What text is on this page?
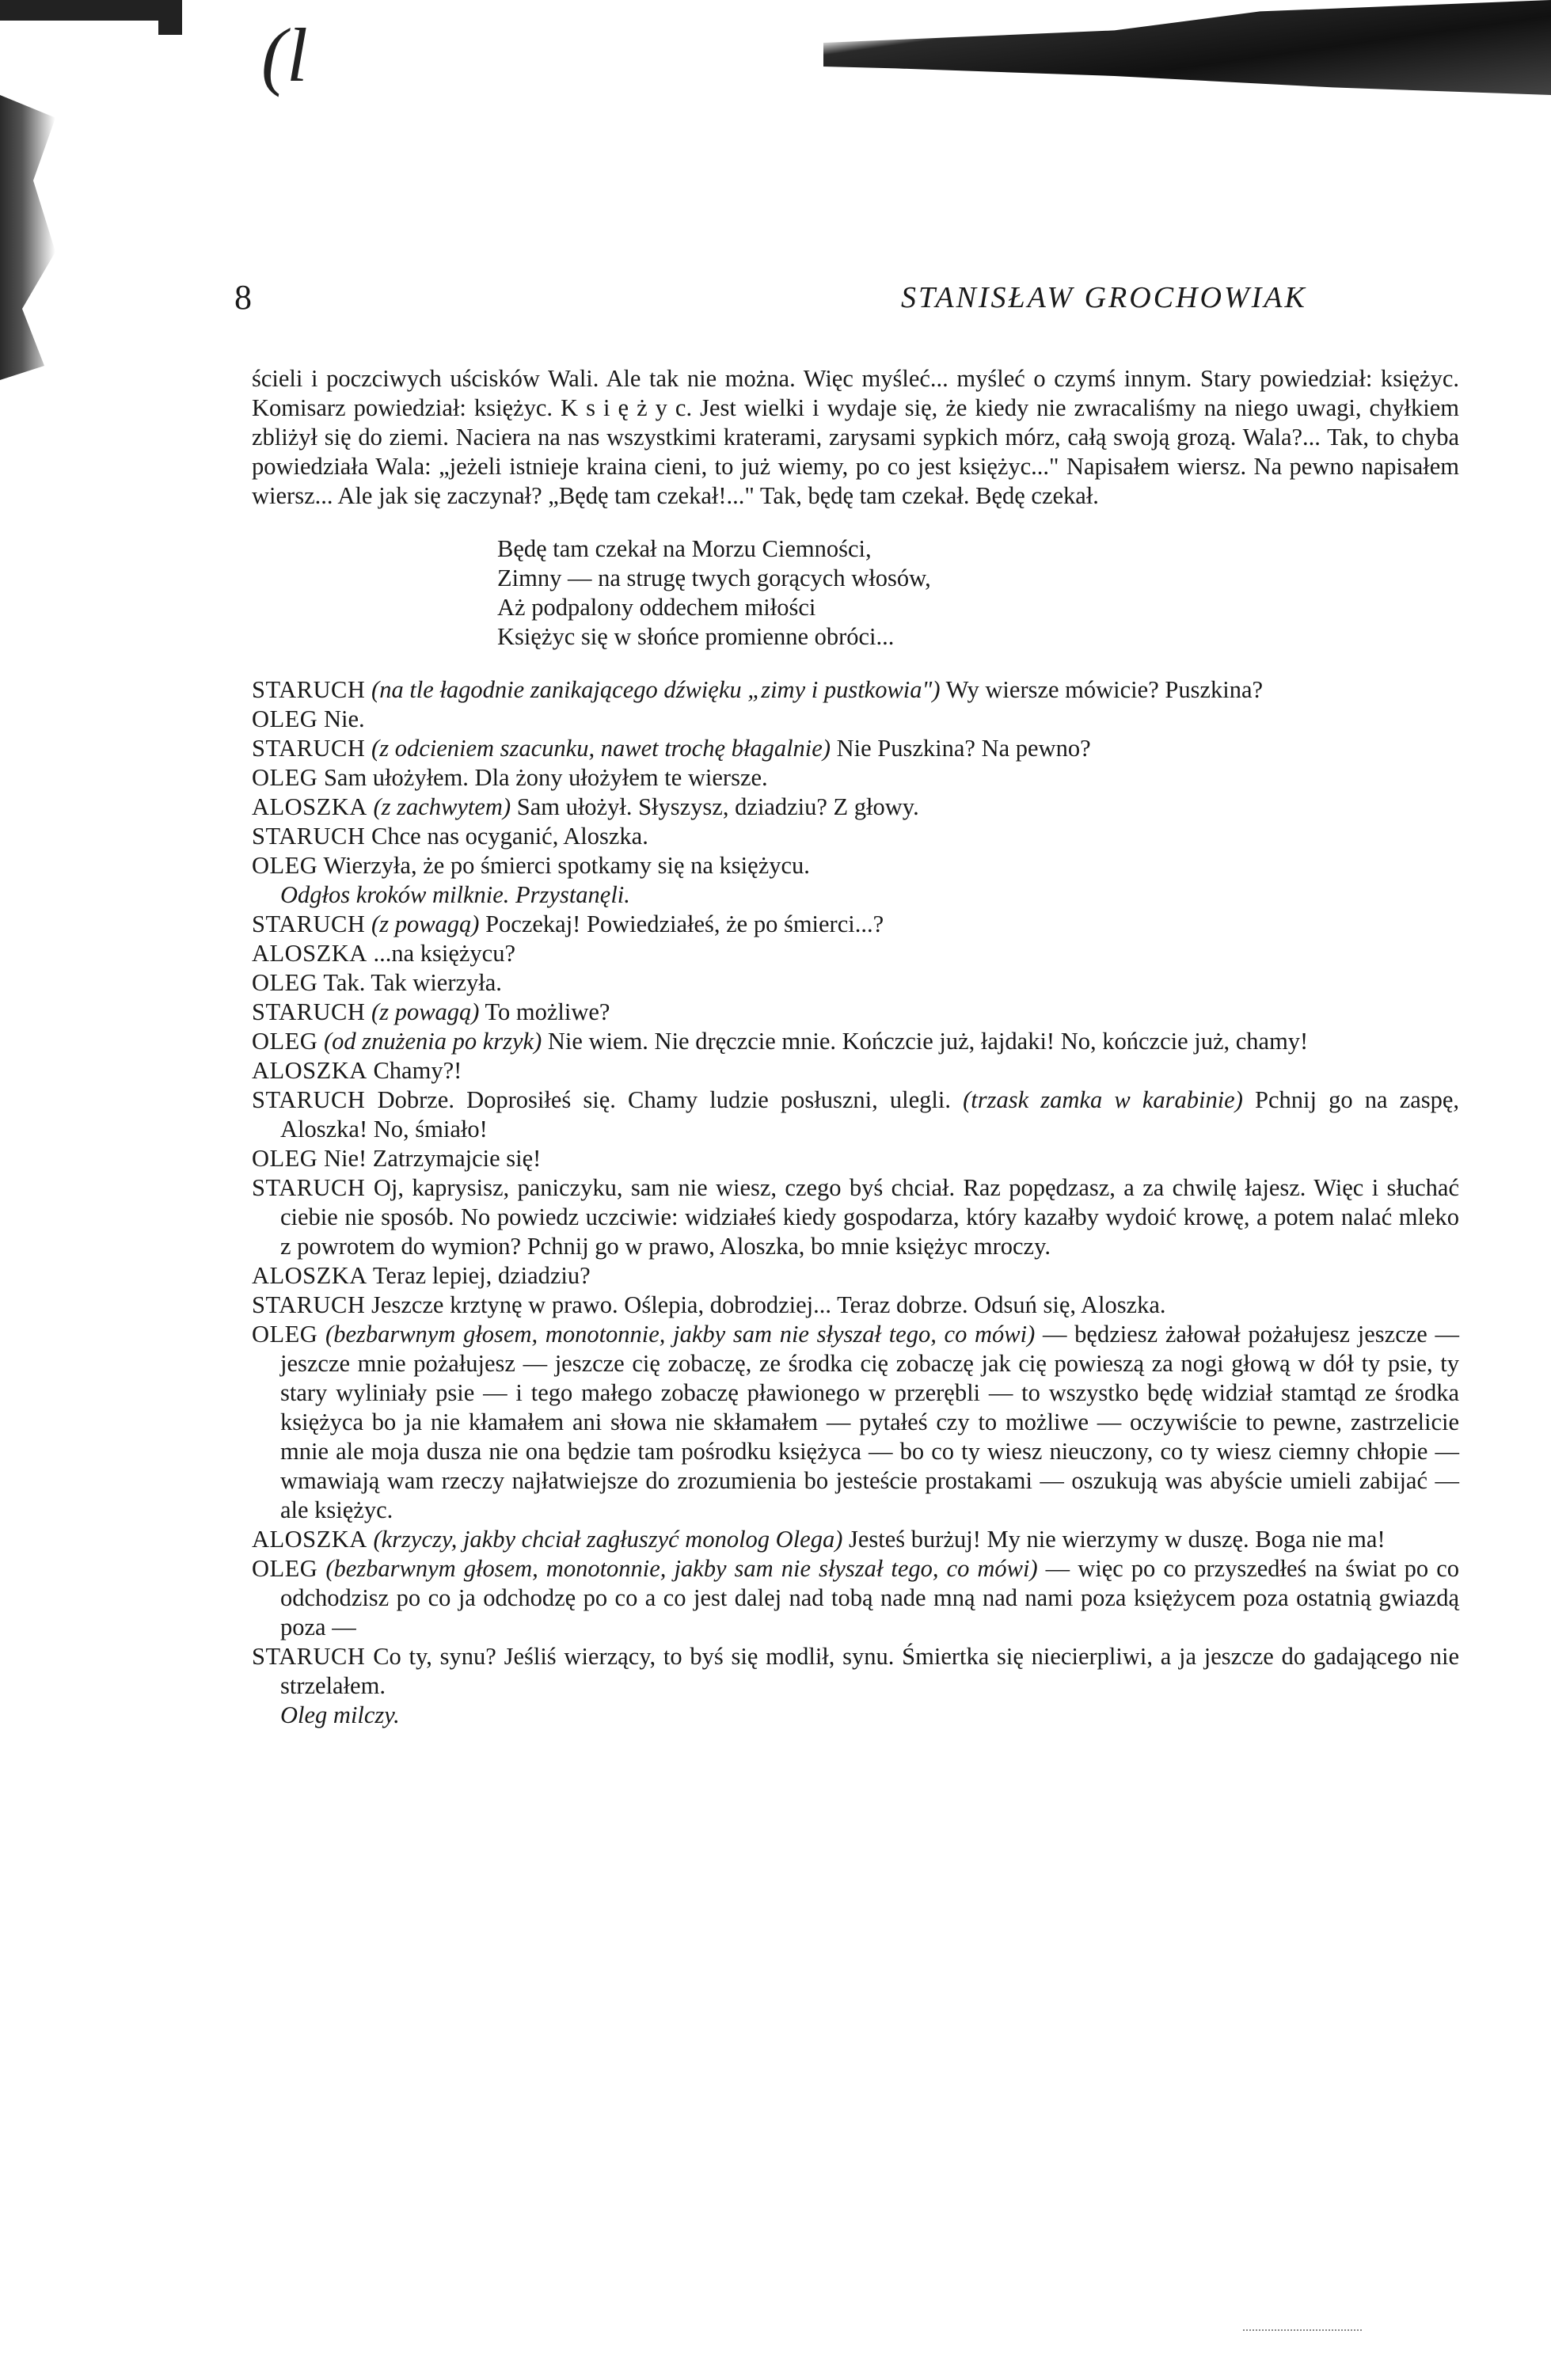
(l
8	STANISŁAW GROCHOWIAK

ścieli i poczciwych uścisków Wali. Ale tak nie można. Więc myśleć... myśleć o czymś innym. Stary powiedział: księżyc. Komisarz powiedział: księżyc. K s i ę ż y c. Jest wielki i wydaje się, że kiedy nie zwracaliśmy na niego uwagi, chyłkiem zbliżył się do ziemi. Naciera na nas wszystkimi kraterami, zarysami sypkich mórz, całą swoją grozą. Wala?... Tak, to chyba powiedziała Wala: „jeżeli istnieje kraina cieni, to już wiemy, po co jest księżyc..." Napisałem wiersz. Na pewno napisałem wiersz... Ale jak się zaczynał? „Będę tam czekał!..." Tak, będę tam czekał. Będę czekał.

Będę tam czekał na Morzu Ciemności,
Zimny — na strugę twych gorących włosów,
Aż podpalony oddechem miłości
Księżyc się w słońce promienne obróci...

STARUCH (na tle łagodnie zanikającego dźwięku „zimy i pustkowia") Wy wiersze mówicie? Puszkina?

OLEG Nie.

STARUCH (z odcieniem szacunku, nawet trochę błagalnie) Nie Puszkina? Na pewno?

OLEG Sam ułożyłem. Dla żony ułożyłem te wiersze.

ALOSZKA (z zachwytem) Sam ułożył. Słyszysz, dziadziu? Z głowy.

STARUCH Chce nas ocyganić, Aloszka.

OLEG Wierzyła, że po śmierci spotkamy się na księżycu.

Odgłos kroków milknie. Przystanęli.

STARUCH (z powagą) Poczekaj! Powiedziałeś, że po śmierci...?

ALOSZKA ...na księżycu?

OLEG Tak. Tak wierzyła.

STARUCH (z powagą) To możliwe?

OLEG (od znużenia po krzyk) Nie wiem. Nie dręczcie mnie. Kończcie już, łajdaki! No, kończcie już, chamy!

ALOSZKA Chamy?!

STARUCH Dobrze. Doprosiłeś się. Chamy ludzie posłuszni, ulegli. (trzask zamka w karabinie) Pchnij go na zaspę, Aloszka! No, śmiało!

OLEG Nie! Zatrzymajcie się!

STARUCH Oj, kaprysisz, paniczyku, sam nie wiesz, czego byś chciał. Raz popędzasz, a za chwilę łajesz. Więc i słuchać ciebie nie sposób. No powiedz uczciwie: widziałeś kiedy gospodarza, który kazałby wydoić krowę, a potem nalać mleko z powrotem do wymion? Pchnij go w prawo, Aloszka, bo mnie księżyc mroczy.

ALOSZKA Teraz lepiej, dziadziu?

STARUCH Jeszcze krztynę w prawo. Oślepia, dobrodziej... Teraz dobrze. Odsuń się, Aloszka.

OLEG (bezbarwnym głosem, monotonnie, jakby sam nie słyszał tego, co mówi) — będziesz żałował pożałujesz jeszcze — jeszcze mnie pożałujesz — jeszcze cię zobaczę, ze środka cię zobaczę jak cię powieszą za nogi głową w dół ty psie, ty stary wyliniały psie — i tego małego zobaczę pławionego w przerębli — to wszystko będę widział stamtąd ze środka księżyca bo ja nie kłamałem ani słowa nie skłamałem — pytałeś czy to możliwe — oczywiście to pewne, zastrzelicie mnie ale moja dusza nie ona będzie tam pośrodku księżyca — bo co ty wiesz nieuczony, co ty wiesz ciemny chłopie — wmawiają wam rzeczy najłatwiejsze do zrozumienia bo jesteście prostakami — oszukują was abyście umieli zabijać — ale księżyc.

ALOSZKA (krzyczy, jakby chciał zagłuszyć monolog Olega) Jesteś burżuj! My nie wierzymy w duszę. Boga nie ma!

OLEG (bezbarwnym głosem, monotonnie, jakby sam nie słyszał tego, co mówi) — więc po co przyszedłeś na świat po co odchodzisz po co ja odchodzę po co a co jest dalej nad tobą nade mną nad nami poza księżycem poza ostatnią gwiazdą poza —

STARUCH Co ty, synu? Jeśliś wierzący, to byś się modlił, synu. Śmiertka się niecierpliwi, a ja jeszcze do gadającego nie strzelałem.

Oleg milczy.
